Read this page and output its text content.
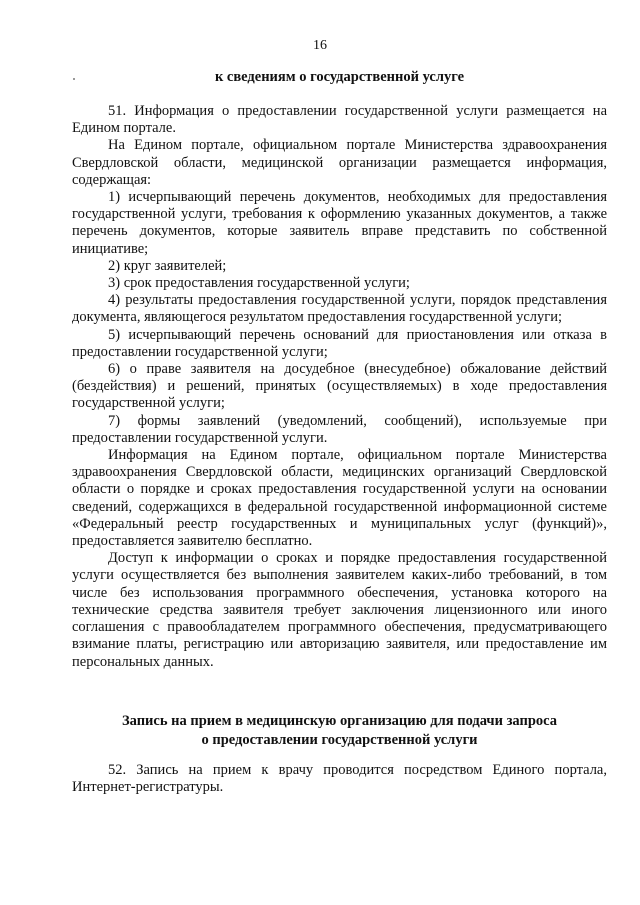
16
к сведениям о государственной услуге

51. Информация о предоставлении государственной услуги размещается на Едином портале.

На Едином портале, официальном портале Министерства здравоохранения Свердловской области, медицинской организации размещается информация, содержащая:

1) исчерпывающий перечень документов, необходимых для предоставления государственной услуги, требования к оформлению указанных документов, а также перечень документов, которые заявитель вправе представить по собственной инициативе;

2) круг заявителей;

3) срок предоставления государственной услуги;

4) результаты предоставления государственной услуги, порядок представления документа, являющегося результатом предоставления государственной услуги;

5) исчерпывающий перечень оснований для приостановления или отказа в предоставлении государственной услуги;

6) о праве заявителя на досудебное (внесудебное) обжалование действий (бездействия) и решений, принятых (осуществляемых) в ходе предоставления государственной услуги;

7) формы заявлений (уведомлений, сообщений), используемые при предоставлении государственной услуги.

Информация на Едином портале, официальном портале Министерства здравоохранения Свердловской области, медицинских организаций Свердловской области о порядке и сроках предоставления государственной услуги на основании сведений, содержащихся в федеральной государственной информационной системе «Федеральный реестр государственных и муниципальных услуг (функций)», предоставляется заявителю бесплатно.

Доступ к информации о сроках и порядке предоставления государственной услуги осуществляется без выполнения заявителем каких-либо требований, в том числе без использования программного обеспечения, установка которого на технические средства заявителя требует заключения лицензионного или иного соглашения с правообладателем программного обеспечения, предусматривающего взимание платы, регистрацию или авторизацию заявителя, или предоставление им персональных данных.

Запись на прием в медицинскую организацию для подачи запроса
о предоставлении государственной услуги

52. Запись на прием к врачу проводится посредством Единого портала, Интернет-регистратуры.
